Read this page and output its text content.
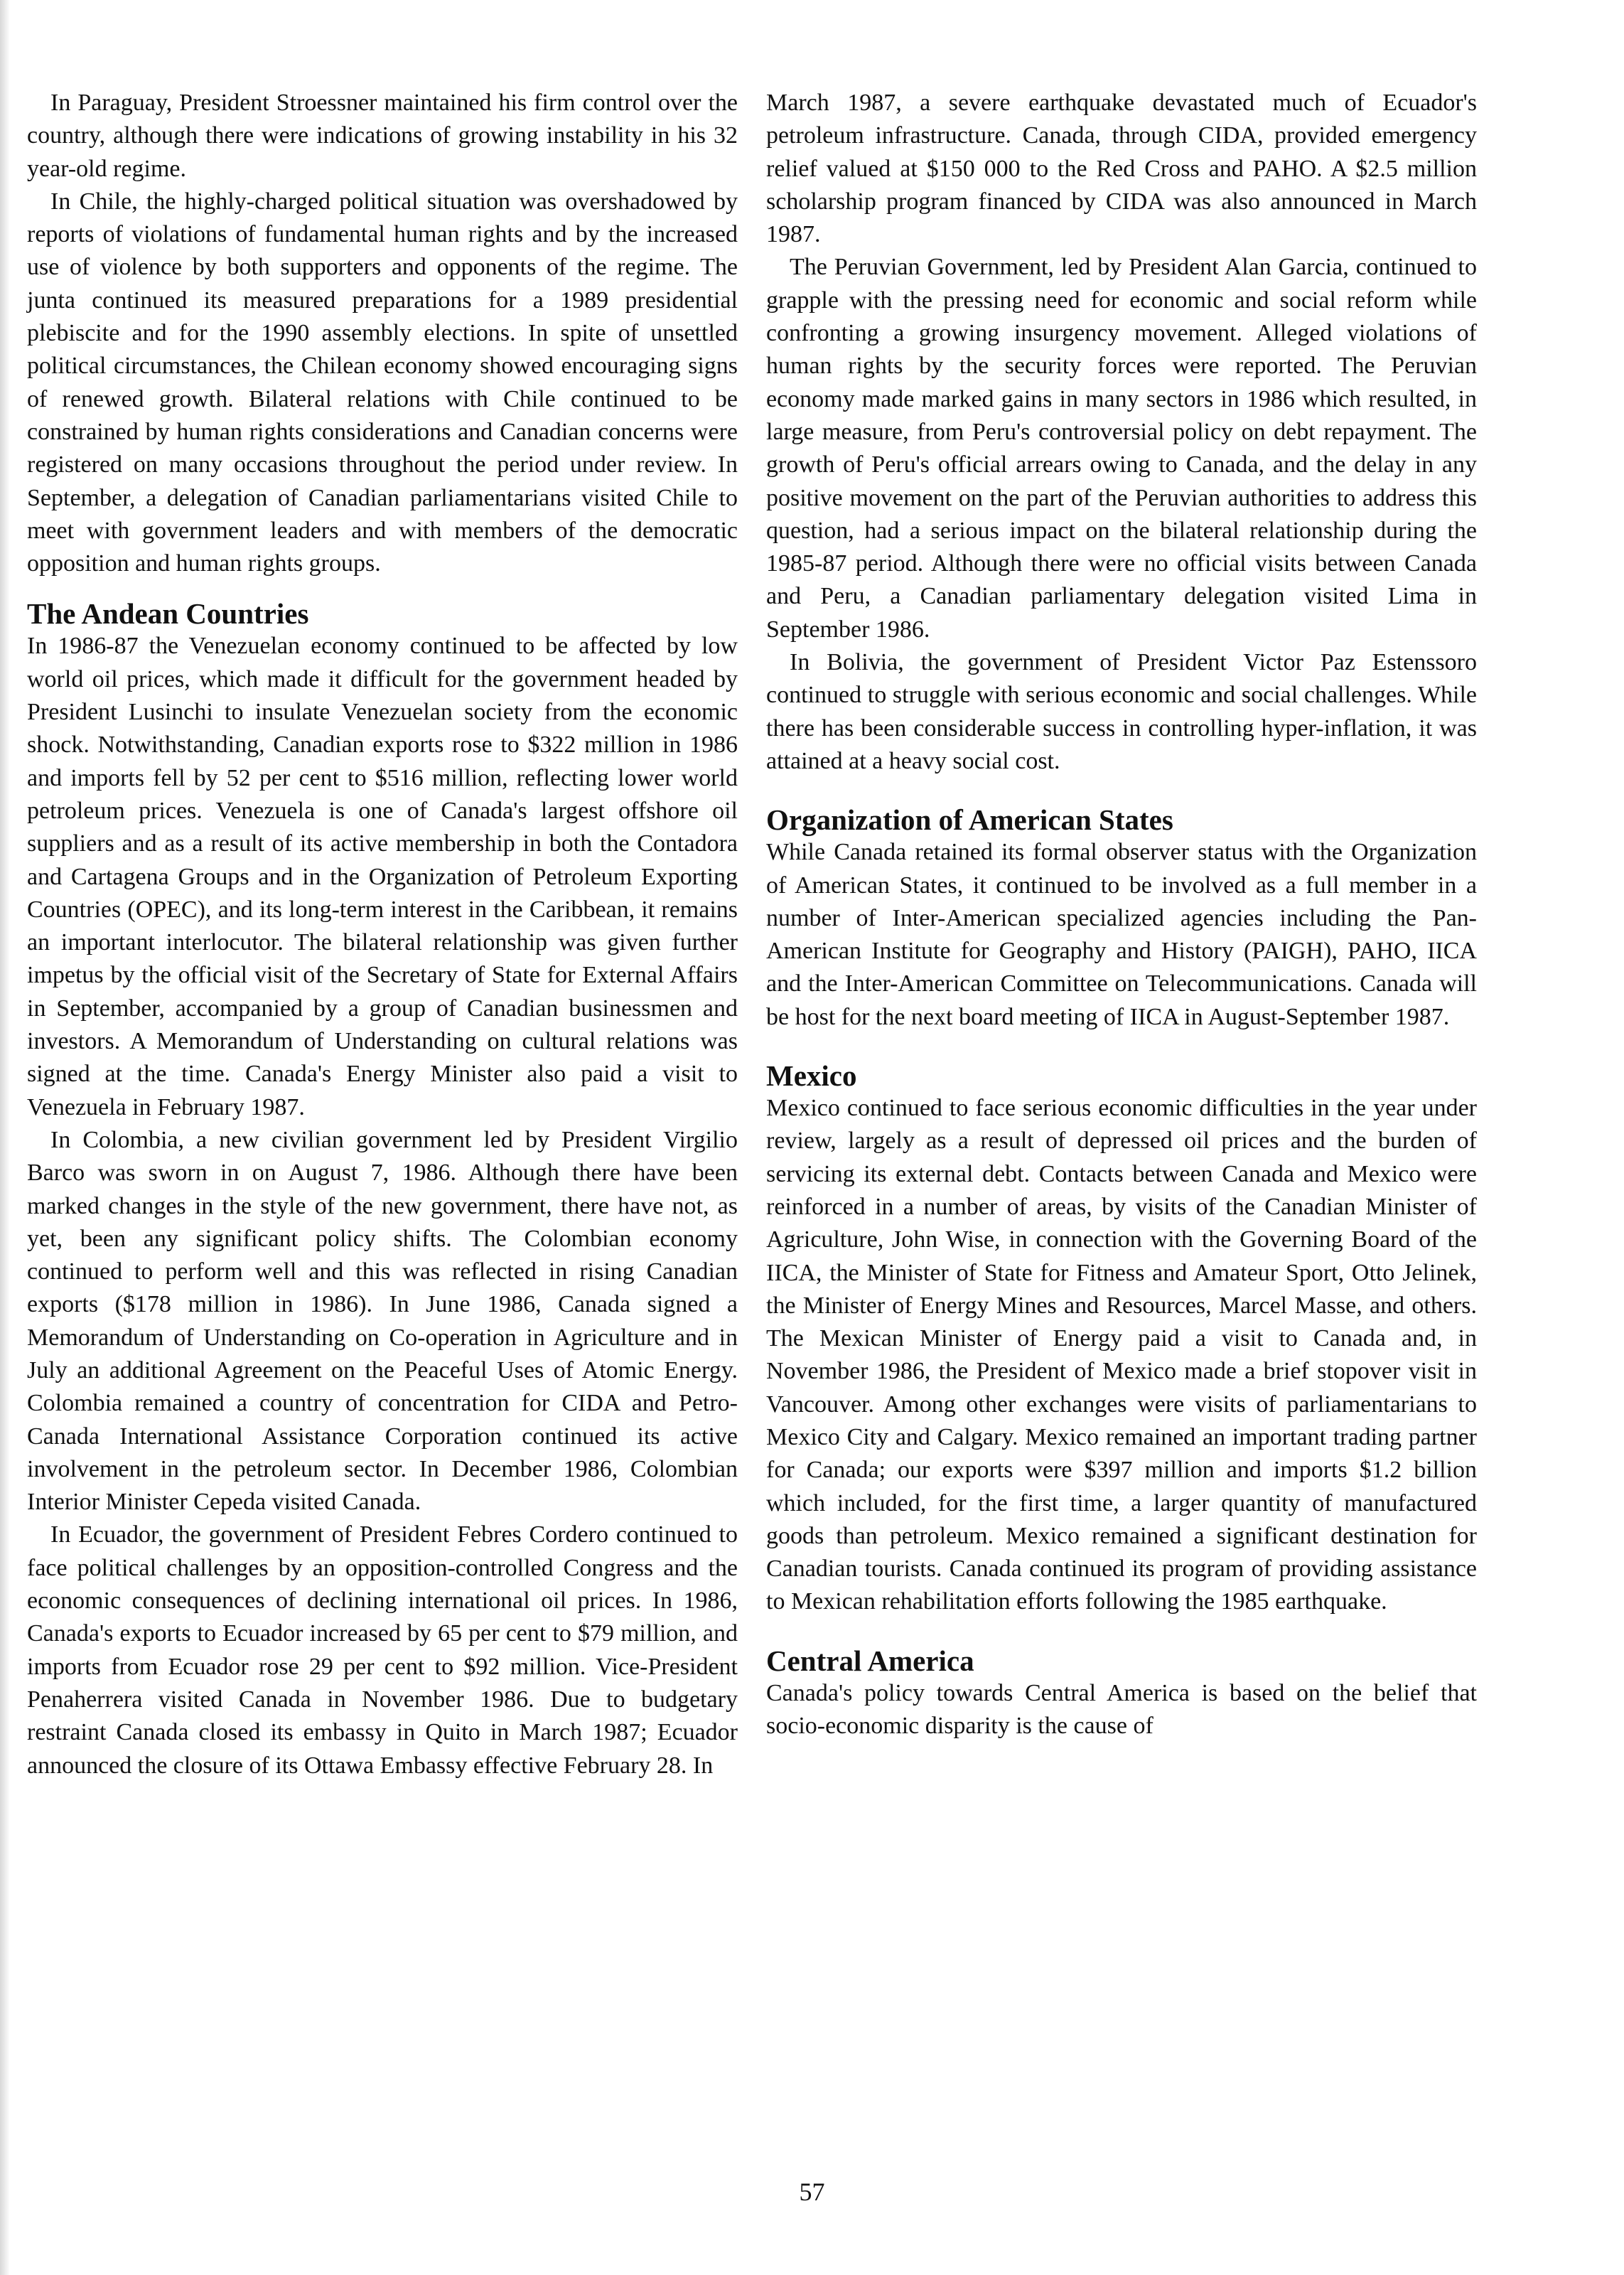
In Paraguay, President Stroessner maintained his firm control over the country, although there were indications of growing instability in his 32 year-old regime.

In Chile, the highly-charged political situation was overshadowed by reports of violations of fundamental human rights and by the increased use of violence by both supporters and opponents of the regime. The junta continued its measured preparations for a 1989 presidential plebiscite and for the 1990 assembly elections. In spite of unsettled political circumstances, the Chilean economy showed encouraging signs of renewed growth. Bilateral relations with Chile continued to be constrained by human rights considerations and Canadian concerns were registered on many occasions throughout the period under review. In September, a delegation of Canadian parliamentarians visited Chile to meet with government leaders and with members of the democratic opposition and human rights groups.

The Andean Countries

In 1986-87 the Venezuelan economy continued to be affected by low world oil prices, which made it difficult for the government headed by President Lusinchi to insulate Venezuelan society from the economic shock. Notwithstanding, Canadian exports rose to $322 million in 1986 and imports fell by 52 per cent to $516 million, reflecting lower world petroleum prices. Venezuela is one of Canada's largest offshore oil suppliers and as a result of its active membership in both the Contadora and Cartagena Groups and in the Organization of Petroleum Exporting Countries (OPEC), and its long-term interest in the Caribbean, it remains an important interlocutor. The bilateral relationship was given further impetus by the official visit of the Secretary of State for External Affairs in September, accompanied by a group of Canadian businessmen and investors. A Memorandum of Understanding on cultural relations was signed at the time. Canada's Energy Minister also paid a visit to Venezuela in February 1987.

In Colombia, a new civilian government led by President Virgilio Barco was sworn in on August 7, 1986. Although there have been marked changes in the style of the new government, there have not, as yet, been any significant policy shifts. The Colombian economy continued to perform well and this was reflected in rising Canadian exports ($178 million in 1986). In June 1986, Canada signed a Memorandum of Understanding on Co-operation in Agriculture and in July an additional Agreement on the Peaceful Uses of Atomic Energy. Colombia remained a country of concentration for CIDA and Petro-Canada International Assistance Corporation continued its active involvement in the petroleum sector. In December 1986, Colombian Interior Minister Cepeda visited Canada.

In Ecuador, the government of President Febres Cordero continued to face political challenges by an opposition-controlled Congress and the economic consequences of declining international oil prices. In 1986, Canada's exports to Ecuador increased by 65 per cent to $79 million, and imports from Ecuador rose 29 per cent to $92 million. Vice-President Penaherrera visited Canada in November 1986. Due to budgetary restraint Canada closed its embassy in Quito in March 1987; Ecuador announced the closure of its Ottawa Embassy effective February 28. In

March 1987, a severe earthquake devastated much of Ecuador's petroleum infrastructure. Canada, through CIDA, provided emergency relief valued at $150 000 to the Red Cross and PAHO. A $2.5 million scholarship program financed by CIDA was also announced in March 1987.

The Peruvian Government, led by President Alan Garcia, continued to grapple with the pressing need for economic and social reform while confronting a growing insurgency movement. Alleged violations of human rights by the security forces were reported. The Peruvian economy made marked gains in many sectors in 1986 which resulted, in large measure, from Peru's controversial policy on debt repayment. The growth of Peru's official arrears owing to Canada, and the delay in any positive movement on the part of the Peruvian authorities to address this question, had a serious impact on the bilateral relationship during the 1985-87 period. Although there were no official visits between Canada and Peru, a Canadian parliamentary delegation visited Lima in September 1986.

In Bolivia, the government of President Victor Paz Estenssoro continued to struggle with serious economic and social challenges. While there has been considerable success in controlling hyper-inflation, it was attained at a heavy social cost.

Organization of American States

While Canada retained its formal observer status with the Organization of American States, it continued to be involved as a full member in a number of Inter-American specialized agencies including the Pan-American Institute for Geography and History (PAIGH), PAHO, IICA and the Inter-American Committee on Telecommunications. Canada will be host for the next board meeting of IICA in August-September 1987.

Mexico

Mexico continued to face serious economic difficulties in the year under review, largely as a result of depressed oil prices and the burden of servicing its external debt. Contacts between Canada and Mexico were reinforced in a number of areas, by visits of the Canadian Minister of Agriculture, John Wise, in connection with the Governing Board of the IICA, the Minister of State for Fitness and Amateur Sport, Otto Jelinek, the Minister of Energy Mines and Resources, Marcel Masse, and others. The Mexican Minister of Energy paid a visit to Canada and, in November 1986, the President of Mexico made a brief stopover visit in Vancouver. Among other exchanges were visits of parliamentarians to Mexico City and Calgary. Mexico remained an important trading partner for Canada; our exports were $397 million and imports $1.2 billion which included, for the first time, a larger quantity of manufactured goods than petroleum. Mexico remained a significant destination for Canadian tourists. Canada continued its program of providing assistance to Mexican rehabilitation efforts following the 1985 earthquake.

Central America

Canada's policy towards Central America is based on the belief that socio-economic disparity is the cause of

57
